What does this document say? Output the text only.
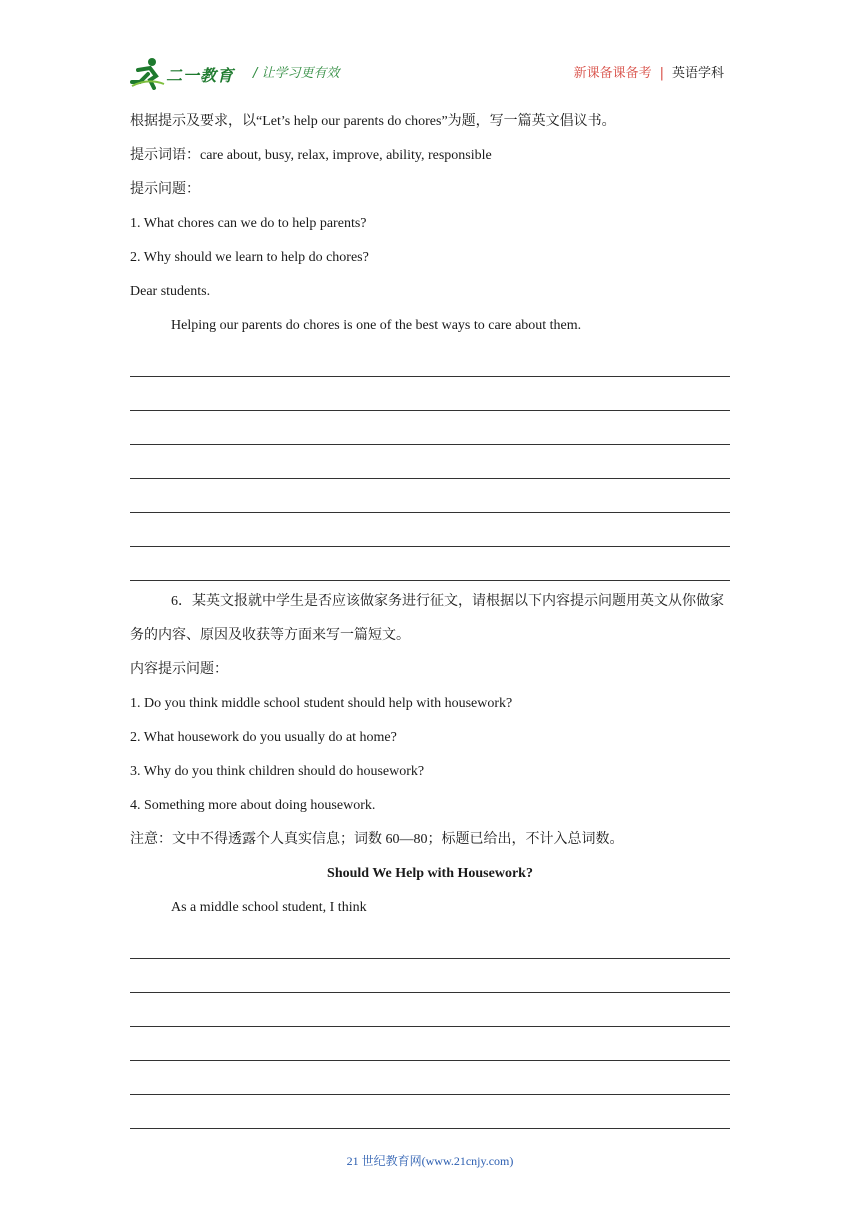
二一教育 / 让学习更有效	新课备课备考 | 英语学科
根据提示及要求，以“Let’s help our parents do chores”为题，写一篇英文倡议书。
提示词语：care about, busy, relax, improve, ability, responsible
提示问题：
1. What chores can we do to help parents?
2. Why should we learn to help do chores?
Dear students.
Helping our parents do chores is one of the best ways to care about them.
6．某英文报就中学生是否应该做家务进行征文，请根据以下内容提示问题用英文从你做家务的内容、原因及收获等方面来写一篇短文。
内容提示问题：
1. Do you think middle school student should help with housework?
2. What housework do you usually do at home?
3. Why do you think children should do housework?
4. Something more about doing housework.
注意：文中不得透露个人真实信息；词数 60—80；标题已给出，不计入总词数。
Should We Help with Housework?
As a middle school student, I think
21 世纪教育网(www.21cnjy.com)
